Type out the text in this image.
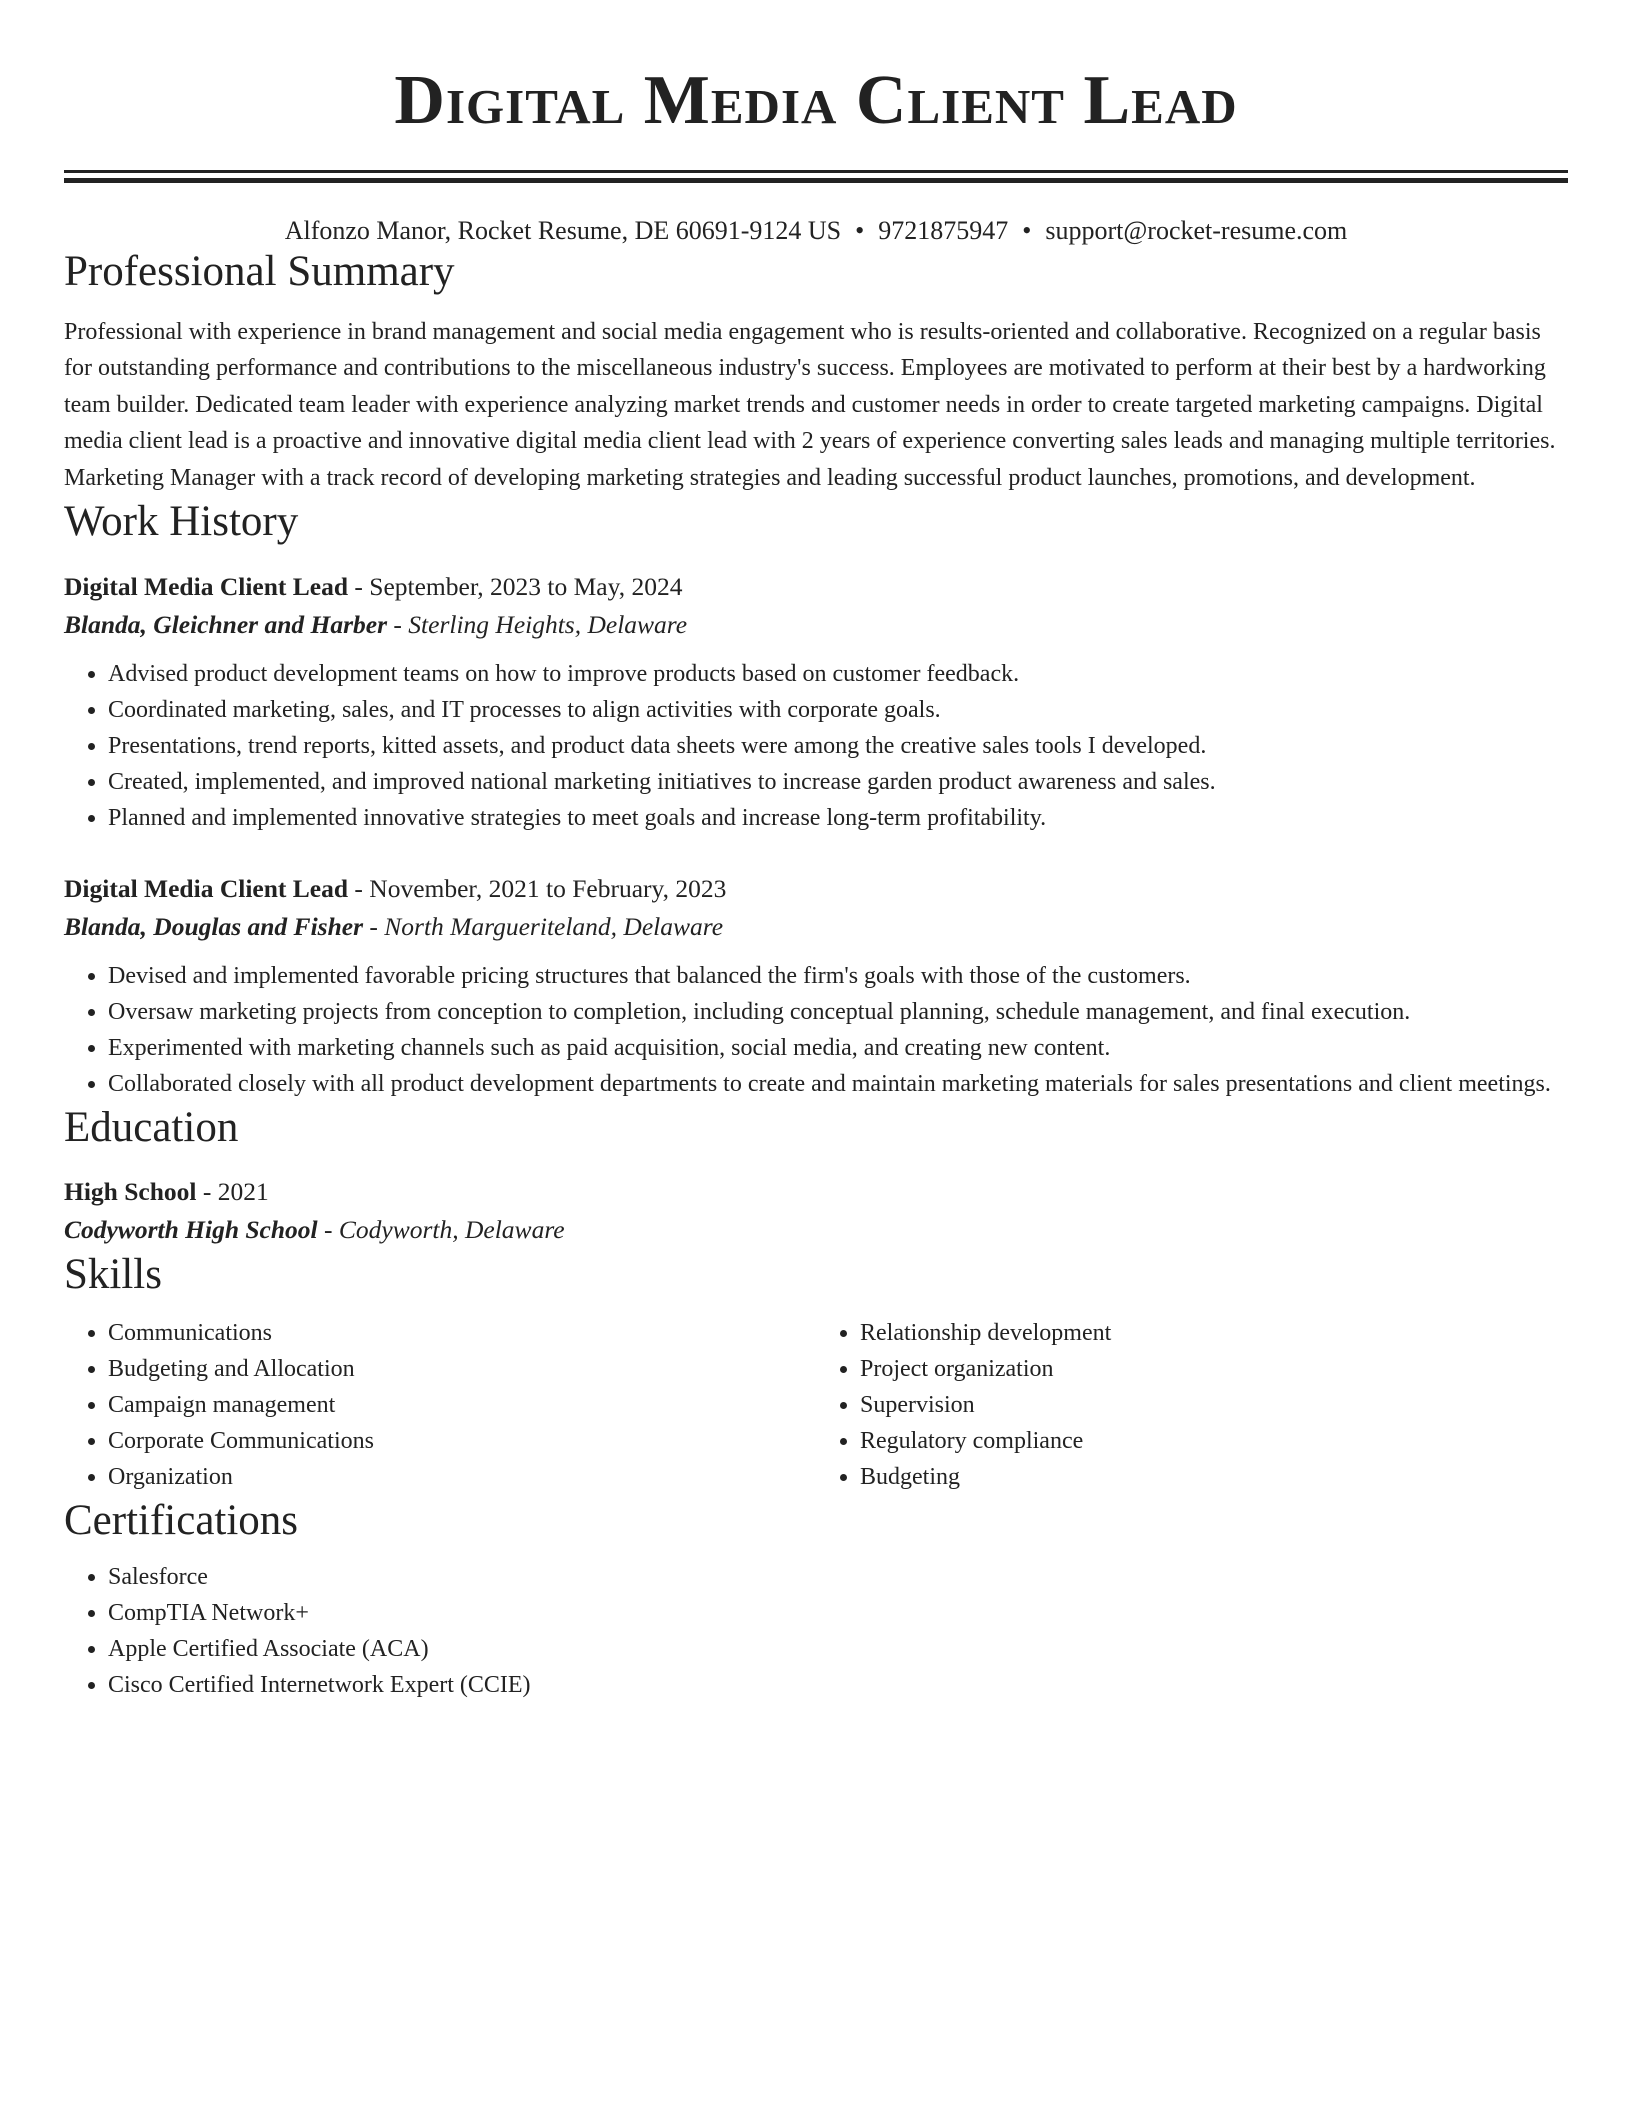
Digital Media Client Lead
Alfonzo Manor, Rocket Resume, DE 60691-9124 US • 9721875947 • support@rocket-resume.com
Professional Summary
Professional with experience in brand management and social media engagement who is results-oriented and collaborative. Recognized on a regular basis for outstanding performance and contributions to the miscellaneous industry's success. Employees are motivated to perform at their best by a hardworking team builder. Dedicated team leader with experience analyzing market trends and customer needs in order to create targeted marketing campaigns. Digital media client lead is a proactive and innovative digital media client lead with 2 years of experience converting sales leads and managing multiple territories. Marketing Manager with a track record of developing marketing strategies and leading successful product launches, promotions, and development.
Work History
Digital Media Client Lead - September, 2023 to May, 2024
Blanda, Gleichner and Harber - Sterling Heights, Delaware
• Advised product development teams on how to improve products based on customer feedback.
• Coordinated marketing, sales, and IT processes to align activities with corporate goals.
• Presentations, trend reports, kitted assets, and product data sheets were among the creative sales tools I developed.
• Created, implemented, and improved national marketing initiatives to increase garden product awareness and sales.
• Planned and implemented innovative strategies to meet goals and increase long-term profitability.
Digital Media Client Lead - November, 2021 to February, 2023
Blanda, Douglas and Fisher - North Margueriteland, Delaware
• Devised and implemented favorable pricing structures that balanced the firm's goals with those of the customers.
• Oversaw marketing projects from conception to completion, including conceptual planning, schedule management, and final execution.
• Experimented with marketing channels such as paid acquisition, social media, and creating new content.
• Collaborated closely with all product development departments to create and maintain marketing materials for sales presentations and client meetings.
Education
High School - 2021
Codyworth High School - Codyworth, Delaware
Skills
• Communications
• Budgeting and Allocation
• Campaign management
• Corporate Communications
• Organization
• Relationship development
• Project organization
• Supervision
• Regulatory compliance
• Budgeting
Certifications
• Salesforce
• CompTIA Network+
• Apple Certified Associate (ACA)
• Cisco Certified Internetwork Expert (CCIE)
